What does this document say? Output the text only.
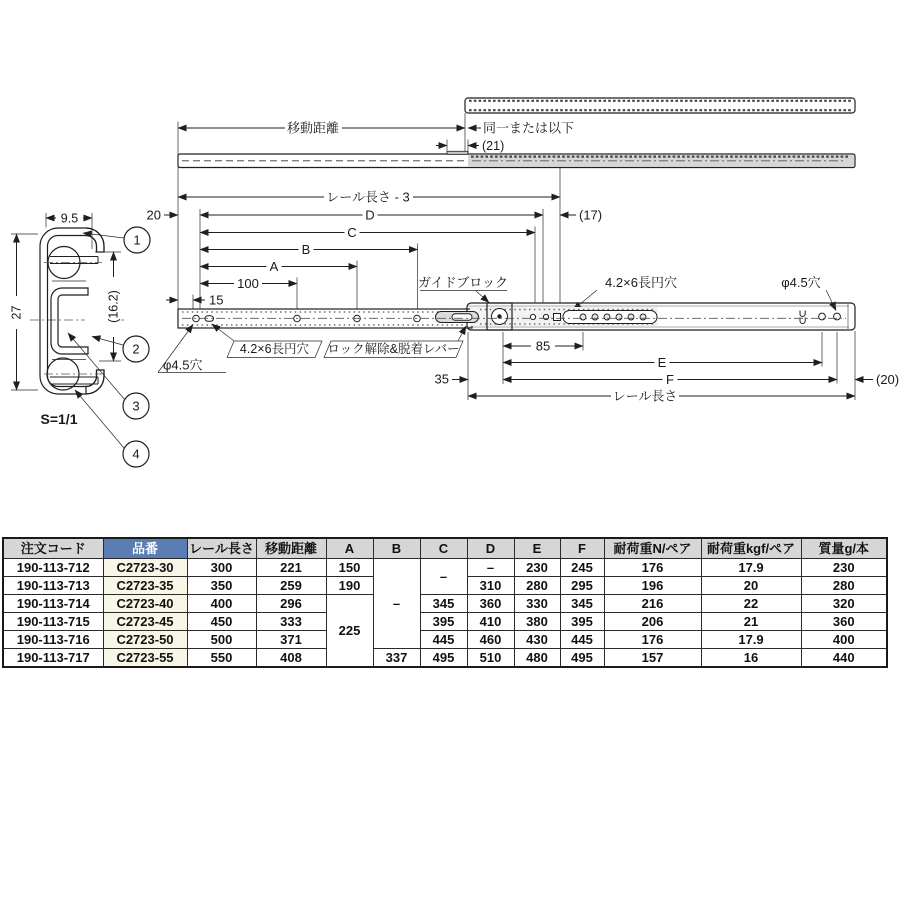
移動距離	同一または以下
(21)
レール長さ - 3
20	D	(17)
C
B
A
100
15
ガイドブロック	4.2×6長円穴	φ4.5穴
φ4.5穴
4.2×6長円穴 ロック解除&脱着レバー	85
E
35	F	(20)
レール長さ
9.5
27	(16.2)
1
2
3
4
S=1/1
注文コード	品番	レール長さ	移動距離	A	B	C	D	E	F	耐荷重N/ペア	耐荷重kgf/ペア	質量g/本
190-113-712	C2723-30	300	221	150	–	–	–	230	245	176	17.9	230
190-113-713	C2723-35	350	259	190			310	280	295	196	20	280
190-113-714	C2723-40	400	296	225		345	360	330	345	216	22	320
190-113-715	C2723-45	450	333			395	410	380	395	206	21	360
190-113-716	C2723-50	500	371			445	460	430	445	176	17.9	400
190-113-717	C2723-55	550	408		337	495	510	480	495	157	16	440
